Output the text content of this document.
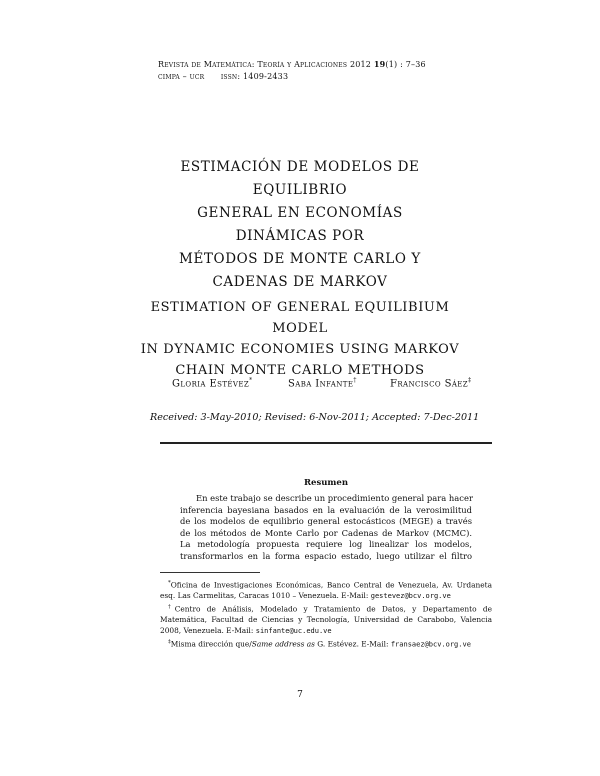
Revista de Matemática: Teoría y Aplicaciones 2012 19(1) : 7–36
cimpa – ucr      issn: 1409-2433
ESTIMACIÓN DE MODELOS DE EQUILIBRIO
GENERAL EN ECONOMÍAS DINÁMICAS POR
MÉTODOS DE MONTE CARLO Y
CADENAS DE MARKOV
ESTIMATION OF GENERAL EQUILIBIUM MODEL
IN DYNAMIC ECONOMIES USING MARKOV
CHAIN MONTE CARLO METHODS
Gloria Estévez*	Saba Infante†	Francisco Sáez‡
Received: 3-May-2010; Revised: 6-Nov-2011; Accepted: 7-Dec-2011
Resumen
En este trabajo se describe un procedimiento general para hacer
inferencia bayesiana basados en la evaluación de la verosimilitud
de los modelos de equilibrio general estocásticos (MEGE) a través
de los métodos de Monte Carlo por Cadenas de Markov (MCMC).
La metodología propuesta requiere log linealizar los modelos,
transformarlos en la forma espacio estado, luego utilizar el filtro
*Oficina de Investigaciones Económicas, Banco Central de Venezuela, Av. Urdaneta esq. Las Carmelitas, Caracas 1010 – Venezuela. E-Mail: gestevez@bcv.org.ve
†Centro de Análisis, Modelado y Tratamiento de Datos, y Departamento de Matemática, Facultad de Ciencias y Tecnología, Universidad de Carabobo, Valencia 2008, Venezuela. E-Mail: sinfante@uc.edu.ve
‡Misma dirección que/Same address as G. Estévez. E-Mail: fransaez@bcv.org.ve
7
